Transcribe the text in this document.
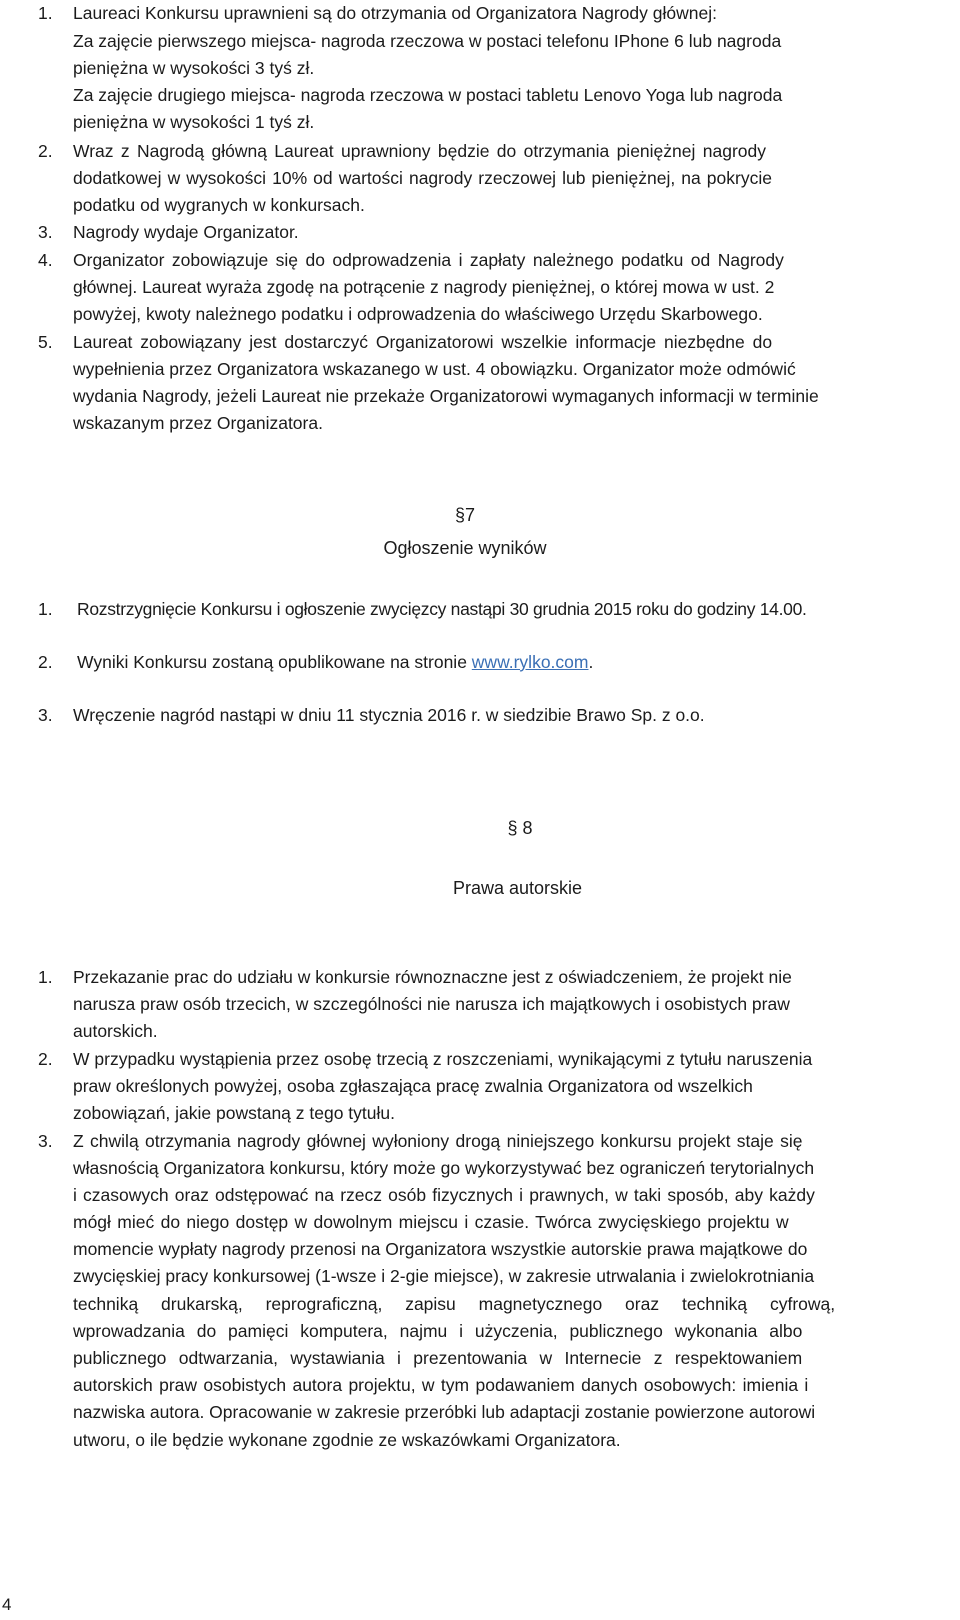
1. Laureaci Konkursu uprawnieni są do otrzymania od Organizatora Nagrody głównej:
Za zajęcie pierwszego miejsca- nagroda rzeczowa w postaci telefonu IPhone 6 lub nagroda
pieniężna w wysokości 3 tyś zł.
Za zajęcie drugiego miejsca- nagroda rzeczowa w postaci tabletu Lenovo Yoga lub nagroda
pieniężna w wysokości 1 tyś zł.
2. Wraz z Nagrodą główną Laureat uprawniony będzie do otrzymania pieniężnej nagrody
dodatkowej w wysokości 10% od wartości nagrody rzeczowej lub pieniężnej, na pokrycie
podatku od wygranych w konkursach.
3. Nagrody wydaje Organizator.
4. Organizator zobowiązuje się do odprowadzenia i zapłaty należnego podatku od Nagrody
głównej. Laureat wyraża zgodę na potrącenie z nagrody pieniężnej, o której mowa w ust. 2
powyżej, kwoty należnego podatku i odprowadzenia do właściwego Urzędu Skarbowego.
5. Laureat zobowiązany jest dostarczyć Organizatorowi wszelkie informacje niezbędne do
wypełnienia przez Organizatora wskazanego w ust. 4 obowiązku. Organizator może odmówić
wydania Nagrody, jeżeli Laureat nie przekaże Organizatorowi wymaganych informacji w terminie
wskazanym przez Organizatora.
§7
Ogłoszenie wyników
1. Rozstrzygnięcie Konkursu i ogłoszenie zwycięzcy nastąpi 30 grudnia 2015 roku do godziny 14.00.
2. Wyniki Konkursu zostaną opublikowane na stronie www.rylko.com.
3. Wręczenie nagród nastąpi w dniu 11 stycznia 2016 r. w siedzibie Brawo Sp. z o.o.
§ 8
Prawa autorskie
1. Przekazanie prac do udziału w konkursie równoznaczne jest z oświadczeniem, że projekt nie
narusza praw osób trzecich, w szczególności nie narusza ich majątkowych i osobistych praw
autorskich.
2. W przypadku wystąpienia przez osobę trzecią z roszczeniami, wynikającymi z tytułu naruszenia
praw określonych powyżej, osoba zgłaszająca pracę zwalnia Organizatora od wszelkich
zobowiązań, jakie powstaną z tego tytułu.
3. Z chwilą otrzymania nagrody głównej wyłoniony drogą niniejszego konkursu projekt staje się
własnością Organizatora konkursu, który może go wykorzystywać bez ograniczeń terytorialnych
i czasowych oraz odstępować na rzecz osób fizycznych i prawnych, w taki sposób, aby każdy
mógł mieć do niego dostęp w dowolnym miejscu i czasie. Twórca zwycięskiego projektu w
momencie wypłaty nagrody przenosi na Organizatora wszystkie autorskie prawa majątkowe do
zwycięskiej pracy konkursowej (1-wsze i 2-gie miejsce), w zakresie utrwalania i zwielokrotniania
techniką drukarską, reprograficzną, zapisu magnetycznego oraz techniką cyfrową,
wprowadzania do pamięci komputera, najmu i użyczenia, publicznego wykonania albo
publicznego odtwarzania, wystawiania i prezentowania w Internecie z respektowaniem
autorskich praw osobistych autora projektu, w tym podawaniem danych osobowych: imienia i
nazwiska autora. Opracowanie w zakresie przeróbki lub adaptacji zostanie powierzone autorowi
utworu, o ile będzie wykonane zgodnie ze wskazówkami Organizatora.
4
